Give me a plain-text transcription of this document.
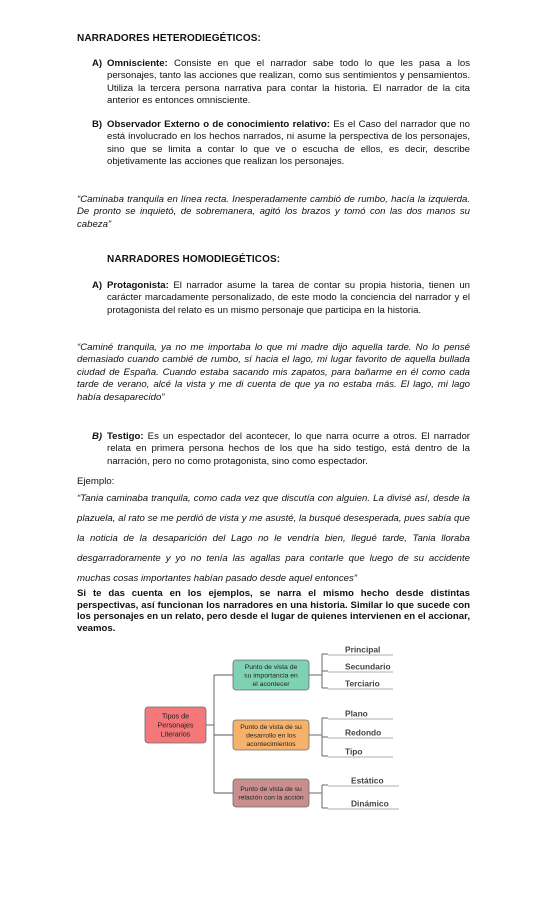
NARRADORES HETERODIEGÉTICOS:
A) Omnisciente: Consiste en que el narrador sabe todo lo que les pasa a los personajes, tanto las acciones que realizan, como sus sentimientos y pensamientos. Utiliza la tercera persona narrativa para contar la historia. El narrador de la cita anterior es entonces omnisciente.
B) Observador Externo o de conocimiento relativo: Es el Caso del narrador que no está involucrado en los hechos narrados, ni asume la perspectiva de los personajes, sino que se limita a contar lo que ve o escucha de ellos, es decir, describe objetivamente las acciones que realizan los personajes.
“Caminaba tranquila en línea recta. Inesperadamente cambió de rumbo, hacía la izquierda. De pronto se inquietó, de sobremanera, agitó los brazos y tomó con las dos manos su cabeza”
NARRADORES HOMODIEGÉTICOS:
A) Protagonista: El narrador asume la tarea de contar su propia historia, tienen un carácter marcadamente personalizado, de este modo la conciencia del narrador y el protagonista del relato es un mismo personaje que participa en la historia.
“Caminé tranquila, ya no me importaba lo que mi madre dijo aquella tarde. No lo pensé demasiado cuando cambié de rumbo, sí hacia el lago, mi lugar favorito de aquella bullada ciudad de España. Cuando estaba sacando mis zapatos, para bañarme en él como cada tarde de verano, alcé la vista y me di cuenta de que ya no estaba más. El lago, mi lago había desaparecido”
B) Testigo: Es un espectador del acontecer, lo que narra ocurre a otros. El narrador relata en primera persona hechos de los que ha sido testigo, está dentro de la narración, pero no como protagonista, sino como espectador.
Ejemplo:
“Tania caminaba tranquila, como cada vez que discutía con alguien. La divisé así, desde la plazuela, al rato se me perdió de vista y me asusté, la busqué desesperada, pues sabía que la noticia de la desaparición del Lago no le vendría bien, llegué tarde, Tania lloraba desgarradoramente y yo no tenía las agallas para contarle que luego de su accidente muchas cosas importantes habían pasado desde aquel entonces”
Si te das cuenta en los ejemplos, se narra el mismo hecho desde distintas perspectivas, así funcionan los narradores en una historia. Similar lo que sucede con los personajes en un relato, pero desde el lugar de quienes intervienen en el accionar, veamos.
Tipos de
Personajes
Literarios
Punto de vista de
su importancia en
el acontecer
Principal
Secundario
Terciario
Punto de vista de su
desarrollo en los
acontecimientos
Plano
Redondo
Tipo
Punto de vista de su
relación con la acción
Estático
Dinámico
